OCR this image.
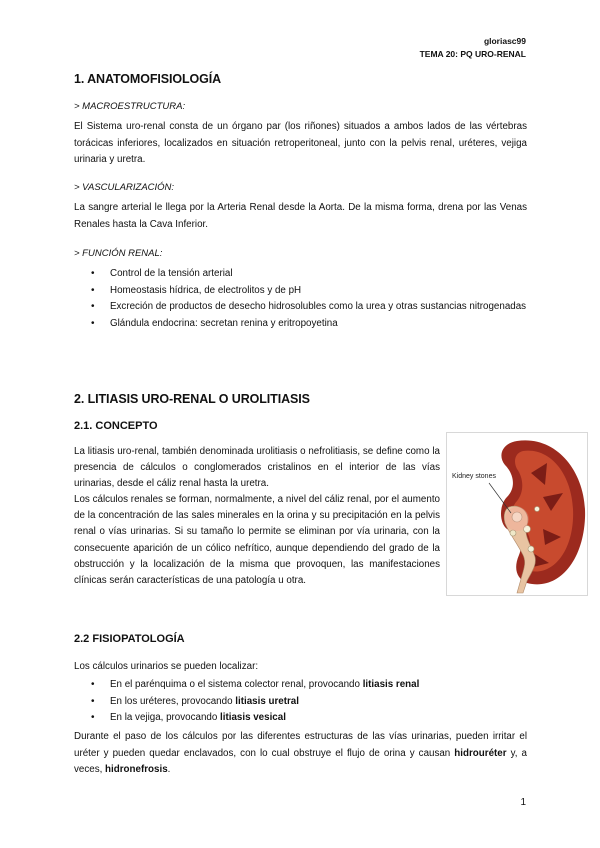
gloriasc99
TEMA 20: PQ URO-RENAL
1. ANATOMOFISIOLOGÍA
> MACROESTRUCTURA:
El Sistema uro-renal consta de un órgano par (los riñones) situados a ambos lados de las vértebras torácicas inferiores, localizados en situación retroperitoneal, junto con la pelvis renal, uréteres, vejiga urinaria y uretra.
> VASCULARIZACIÓN:
La sangre arterial le llega por la Arteria Renal desde la Aorta. De la misma forma, drena por las Venas Renales hasta la Cava Inferior.
> FUNCIÓN RENAL:
• Control de la tensión arterial
• Homeostasis hídrica, de electrolitos y de pH
• Excreción de productos de desecho hidrosolubles como la urea y otras sustancias nitrogenadas
• Glándula endocrina: secretan renina y eritropoyetina
2. LITIASIS URO-RENAL O UROLITIASIS
2.1. CONCEPTO
La litiasis uro-renal, también denominada urolitiasis o nefrolitiasis, se define como la presencia de cálculos o conglomerados cristalinos en el interior de las vías urinarias, desde el cáliz renal hasta la uretra.
Los cálculos renales se forman, normalmente, a nivel del cáliz renal, por el aumento de la concentración de las sales minerales en la orina y su precipitación en la pelvis renal o vías urinarias. Si su tamaño lo permite se eliminan por vía urinaria, con la consecuente aparición de un cólico nefrítico, aunque dependiendo del grado de la obstrucción y la localización de la misma que provoquen, las manifestaciones clínicas serán características de una patología u otra.
Kidney stones
2.2 FISIOPATOLOGÍA
Los cálculos urinarios se pueden localizar:
• En el parénquima o el sistema colector renal, provocando litiasis renal
• En los uréteres, provocando litiasis uretral
• En la vejiga, provocando litiasis vesical
Durante el paso de los cálculos por las diferentes estructuras de las vías urinarias, pueden irritar el uréter y pueden quedar enclavados, con lo cual obstruye el flujo de orina y causan hidrouréter y, a veces, hidronefrosis.
1
